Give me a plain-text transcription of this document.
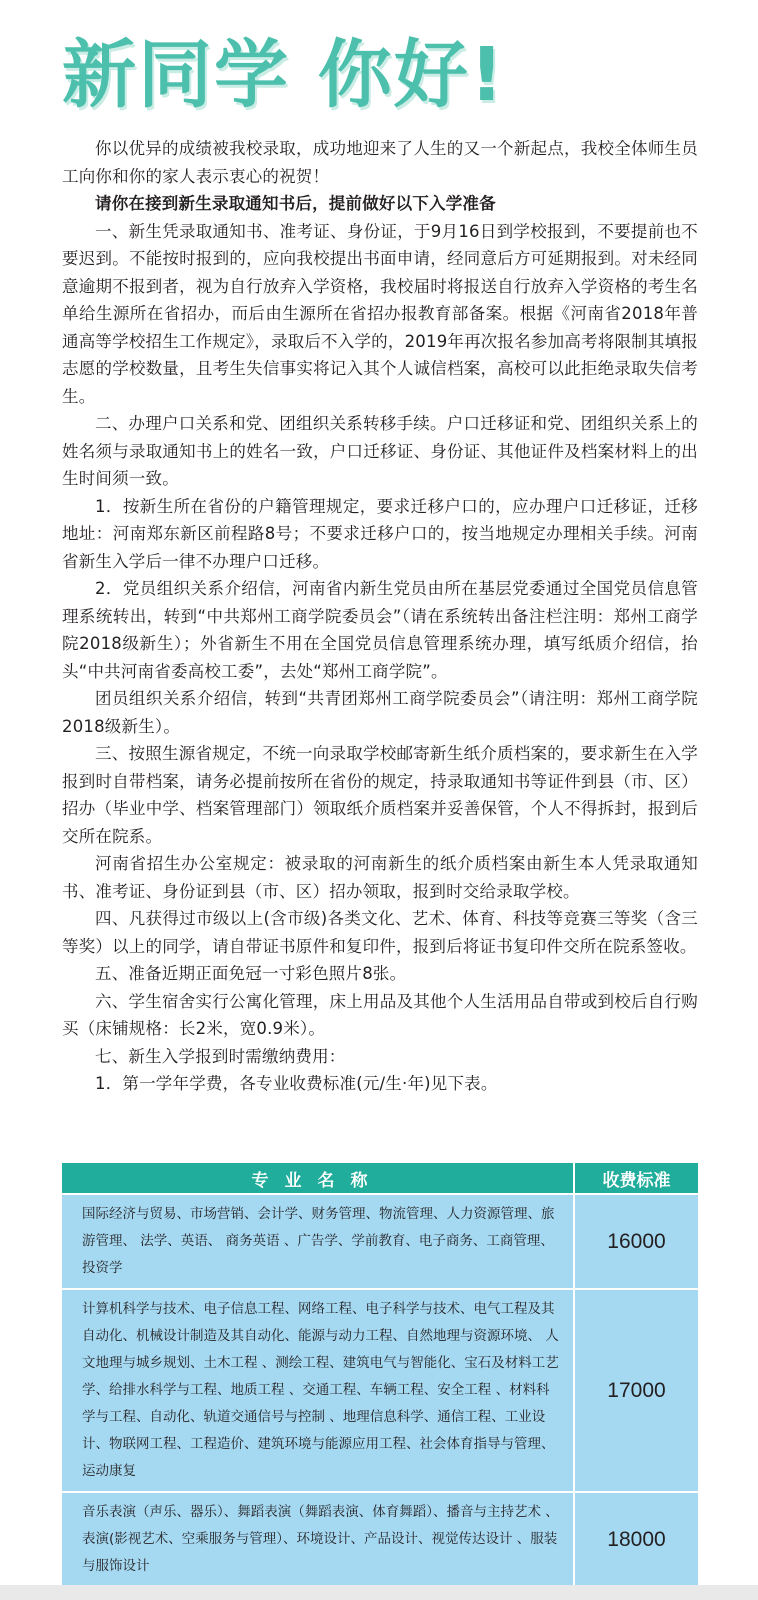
新同学 你好!

你以优异的成绩被我校录取，成功地迎来了人生的又一个新起点，我校全体师生员工向你和你的家人表示衷心的祝贺！

请你在接到新生录取通知书后，提前做好以下入学准备

一、新生凭录取通知书、准考证、身份证，于9月16日到学校报到，不要提前也不要迟到。不能按时报到的，应向我校提出书面申请，经同意后方可延期报到。对未经同意逾期不报到者，视为自行放弃入学资格，我校届时将报送自行放弃入学资格的考生名单给生源所在省招办，而后由生源所在省招办报教育部备案。根据《河南省2018年普通高等学校招生工作规定》，录取后不入学的，2019年再次报名参加高考将限制其填报志愿的学校数量，且考生失信事实将记入其个人诚信档案，高校可以此拒绝录取失信考生。

二、办理户口关系和党、团组织关系转移手续。户口迁移证和党、团组织关系上的姓名须与录取通知书上的姓名一致，户口迁移证、身份证、其他证件及档案材料上的出生时间须一致。

1．按新生所在省份的户籍管理规定，要求迁移户口的，应办理户口迁移证，迁移地址：河南郑东新区前程路8号；不要求迁移户口的，按当地规定办理相关手续。河南省新生入学后一律不办理户口迁移。

2．党员组织关系介绍信，河南省内新生党员由所在基层党委通过全国党员信息管理系统转出，转到“中共郑州工商学院委员会”（请在系统转出备注栏注明：郑州工商学院2018级新生）；外省新生不用在全国党员信息管理系统办理，填写纸质介绍信，抬头“中共河南省委高校工委”，去处“郑州工商学院”。

团员组织关系介绍信，转到“共青团郑州工商学院委员会”（请注明：郑州工商学院2018级新生）。

三、按照生源省规定，不统一向录取学校邮寄新生纸介质档案的，要求新生在入学报到时自带档案，请务必提前按所在省份的规定，持录取通知书等证件到县（市、区）招办（毕业中学、档案管理部门）领取纸介质档案并妥善保管，个人不得拆封，报到后交所在院系。

河南省招生办公室规定：被录取的河南新生的纸介质档案由新生本人凭录取通知书、准考证、身份证到县（市、区）招办领取，报到时交给录取学校。

四、凡获得过市级以上(含市级)各类文化、艺术、体育、科技等竞赛三等奖（含三等奖）以上的同学，请自带证书原件和复印件，报到后将证书复印件交所在院系签收。

五、准备近期正面免冠一寸彩色照片8张。

六、学生宿舍实行公寓化管理，床上用品及其他个人生活用品自带或到校后自行购买（床铺规格：长2米，宽0.9米）。

七、新生入学报到时需缴纳费用：

1．第一学年学费，各专业收费标准(元/生·年)见下表。

专业名称	收费标准
国际经济与贸易、市场营销、会计学、财务管理、物流管理、人力资源管理、旅游管理、 法学、英语、 商务英语 、广告学、学前教育、电子商务、工商管理、投资学	16000
计算机科学与技术、电子信息工程、网络工程、电子科学与技术、电气工程及其自动化、机械设计制造及其自动化、能源与动力工程、自然地理与资源环境、 人文地理与城乡规划、土木工程 、测绘工程、建筑电气与智能化、宝石及材料工艺学、给排水科学与工程、地质工程 、交通工程、车辆工程、安全工程 、材料科学与工程、自动化、轨道交通信号与控制 、地理信息科学、通信工程、工业设计、物联网工程、工程造价、建筑环境与能源应用工程、社会体育指导与管理、运动康复	17000
音乐表演（声乐、器乐）、舞蹈表演（舞蹈表演、体育舞蹈）、播音与主持艺术 、表演(影视艺术、空乘服务与管理）、环境设计、产品设计、视觉传达设计 、服装与服饰设计	18000
